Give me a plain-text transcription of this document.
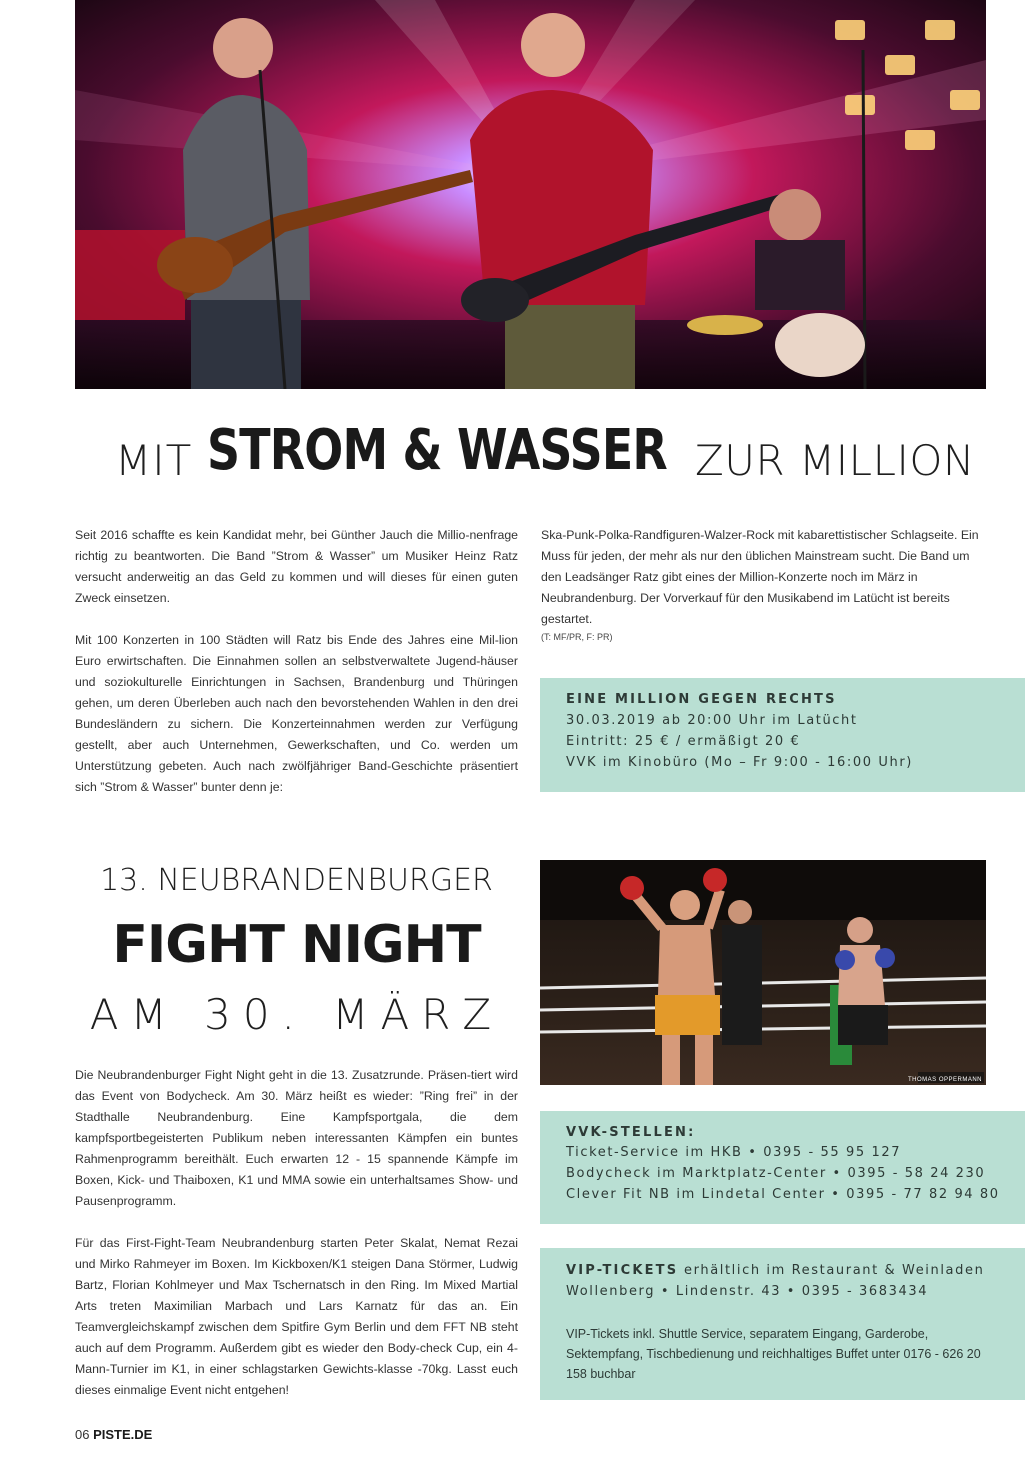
MIT STROM & WASSER ZUR MILLION

Seit 2016 schaffte es kein Kandidat mehr, bei Günther Jauch die Millio-nenfrage richtig zu beantworten. Die Band ”Strom & Wasser” um Musiker Heinz Ratz versucht anderweitig an das Geld zu kommen und will dieses für einen guten Zweck einsetzen.

Mit 100 Konzerten in 100 Städten will Ratz bis Ende des Jahres eine Mil-lion Euro erwirtschaften. Die Einnahmen sollen an selbstverwaltete Jugend-häuser und soziokulturelle Einrichtungen in Sachsen, Brandenburg und Thüringen gehen, um deren Überleben auch nach den bevorstehenden Wahlen in den drei Bundesländern zu sichern. Die Konzerteinnahmen werden zur Verfügung gestellt, aber auch Unternehmen, Gewerkschaften, und Co. werden um Unterstützung gebeten. Auch nach zwölfjähriger Band-Geschichte präsentiert sich ”Strom & Wasser” bunter denn je:

Ska-Punk-Polka-Randfiguren-Walzer-Rock mit kabarettistischer Schlagseite. Ein Muss für jeden, der mehr als nur den üblichen Mainstream sucht. Die Band um den Leadsänger Ratz gibt eines der Million-Konzerte noch im März in Neubrandenburg. Der Vorverkauf für den Musikabend im Latücht ist bereits gestartet.

(T: MF/PR, F: PR)

EINE MILLION GEGEN RECHTS
30.03.2019 ab 20:00 Uhr im Latücht
Eintritt: 25 € / ermäßigt 20 €
VVK im Kinobüro (Mo – Fr 9:00 - 16:00 Uhr)
13. NEUBRANDENBURGER
FIGHT NIGHT
AM 30. MÄRZ
THOMAS OPPERMANN

Die Neubrandenburger Fight Night geht in die 13. Zusatzrunde. Präsen-tiert wird das Event von Bodycheck. Am 30. März heißt es wieder: ”Ring frei” in der Stadthalle Neubrandenburg. Eine Kampfsportgala, die dem kampfsportbegeisterten Publikum neben interessanten Kämpfen ein buntes Rahmenprogramm bereithält. Euch erwarten 12 - 15 spannende Kämpfe im Boxen, Kick- und Thaiboxen, K1 und MMA sowie ein unterhaltsames Show- und Pausenprogramm.

Für das First-Fight-Team Neubrandenburg starten Peter Skalat, Nemat Rezai und Mirko Rahmeyer im Boxen. Im Kickboxen/K1 steigen Dana Störmer, Ludwig Bartz, Florian Kohlmeyer und Max Tschernatsch in den Ring. Im Mixed Martial Arts treten Maximilian Marbach und Lars Karnatz für das an. Ein Teamvergleichskampf zwischen dem Spitfire Gym Berlin und dem FFT NB steht auch auf dem Programm. Außerdem gibt es wieder den Body-check Cup, ein 4-Mann-Turnier im K1, in einer schlagstarken Gewichts-klasse -70kg. Lasst euch dieses einmalige Event nicht entgehen!

VVK-STELLEN:
Ticket-Service im HKB • 0395 - 55 95 127
Bodycheck im Marktplatz-Center • 0395 - 58 24 230
Clever Fit NB im Lindetal Center • 0395 - 77 82 94 80
VIP-TICKETS erhältlich im Restaurant & Weinladen Wollenberg • Lindenstr. 43 • 0395 - 3683434
VIP-Tickets inkl. Shuttle Service, separatem Eingang, Garderobe, Sektempfang, Tischbedienung und reichhaltiges Buffet unter 0176 - 626 20 158 buchbar
06 PISTE.DE
